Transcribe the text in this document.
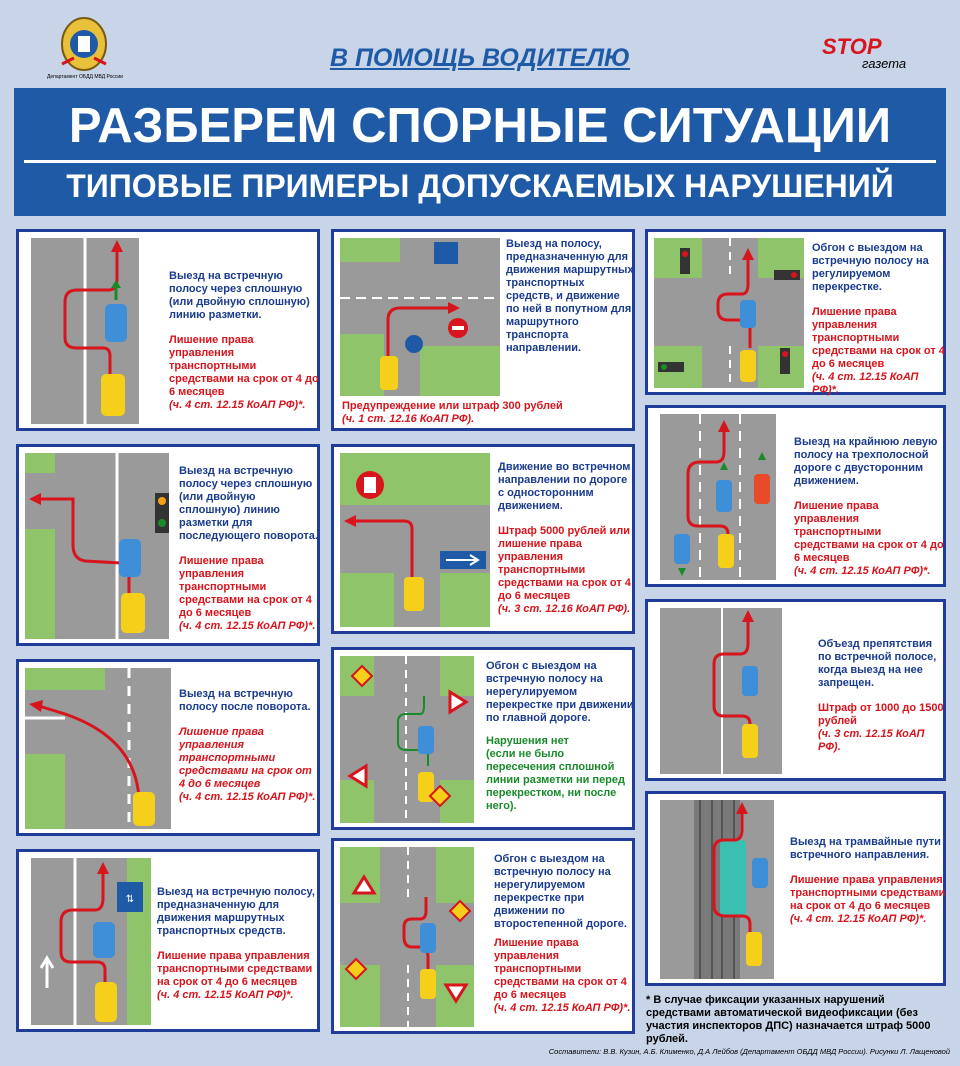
Департамент ОБДД МВД России
В ПОМОЩЬ ВОДИТЕЛЮ	STOP
газета
РАЗБЕРЕМ СПОРНЫЕ СИТУАЦИИ
ТИПОВЫЕ ПРИМЕРЫ ДОПУСКАЕМЫХ НАРУШЕНИЙ
Выезд на встречную полосу через сплошную (или двойную сплошную) линию разметки.
Лишение права управления транспортными средствами на срок от 4 до 6 месяцев
(ч. 4 ст. 12.15 КоАП РФ)*.
Выезд на встречную полосу через сплошную (или двойную сплошную) линию разметки для последующего поворота.
Лишение права управления транспортными средствами на срок от 4 до 6 месяцев
(ч. 4 ст. 12.15 КоАП РФ)*.
Выезд на встречную полосу после поворота.
Лишение права управления транспортными средствами на срок от 4 до 6 месяцев
(ч. 4 ст. 12.15 КоАП РФ)*.
⇅
Выезд на встречную полосу, предназначенную для движения маршрутных транспортных средств.
Лишение права управления транспортными средствами на срок от 4 до 6 месяцев
(ч. 4 ст. 12.15 КоАП РФ)*.
Выезд на полосу, предназначенную для движения маршрутных транспортных средств, и движение по ней в попутном для маршрутного транспорта направлении.
Предупреждение или штраф 300 рублей
(ч. 1 ст. 12.16 КоАП РФ).
Движение во встречном направлении по дороге с односторонним движением.
Штраф 5000 рублей или лишение права управления транспортными средствами на срок от 4 до 6 месяцев
(ч. 3 ст. 12.16 КоАП РФ).
Обгон с выездом на встречную полосу на нерегулируемом перекрестке при движении по главной дороге.
Нарушения нет
(если не было пересечения сплошной линии разметки ни перед перекрестком, ни после него).
Обгон с выездом на встречную полосу на нерегулируемом перекрестке при движении по второстепенной дороге.
Лишение права управления транспортными средствами на срок от 4 до 6 месяцев
(ч. 4 ст. 12.15 КоАП РФ)*.
Обгон с выездом на встречную полосу на регулируемом перекрестке.
Лишение права управления транспортными средствами на срок от 4 до 6 месяцев
(ч. 4 ст. 12.15 КоАП РФ)*.
Выезд на крайнюю левую полосу на трехполосной дороге с двусторонним движением.
Лишение права управления транспортными средствами на срок от 4 до 6 месяцев
(ч. 4 ст. 12.15 КоАП РФ)*.
Объезд препятствия по встречной полосе, когда выезд на нее запрещен.
Штраф от 1000 до 1500 рублей
(ч. 3 ст. 12.15 КоАП РФ).
Выезд на трамвайные пути встречного направления.
Лишение права управления транспортными средствами на срок от 4 до 6 месяцев
(ч. 4 ст. 12.15 КоАП РФ)*.
* В случае фиксации указанных нарушений средствами автоматической видеофиксации (без участия инспекторов ДПС) назначается штраф 5000 рублей.
Составители: В.В. Кузин, А.Б. Клименко, Д.А Лейбов (Департамент ОБДД МВД России). Рисунки Л. Лащеновой
